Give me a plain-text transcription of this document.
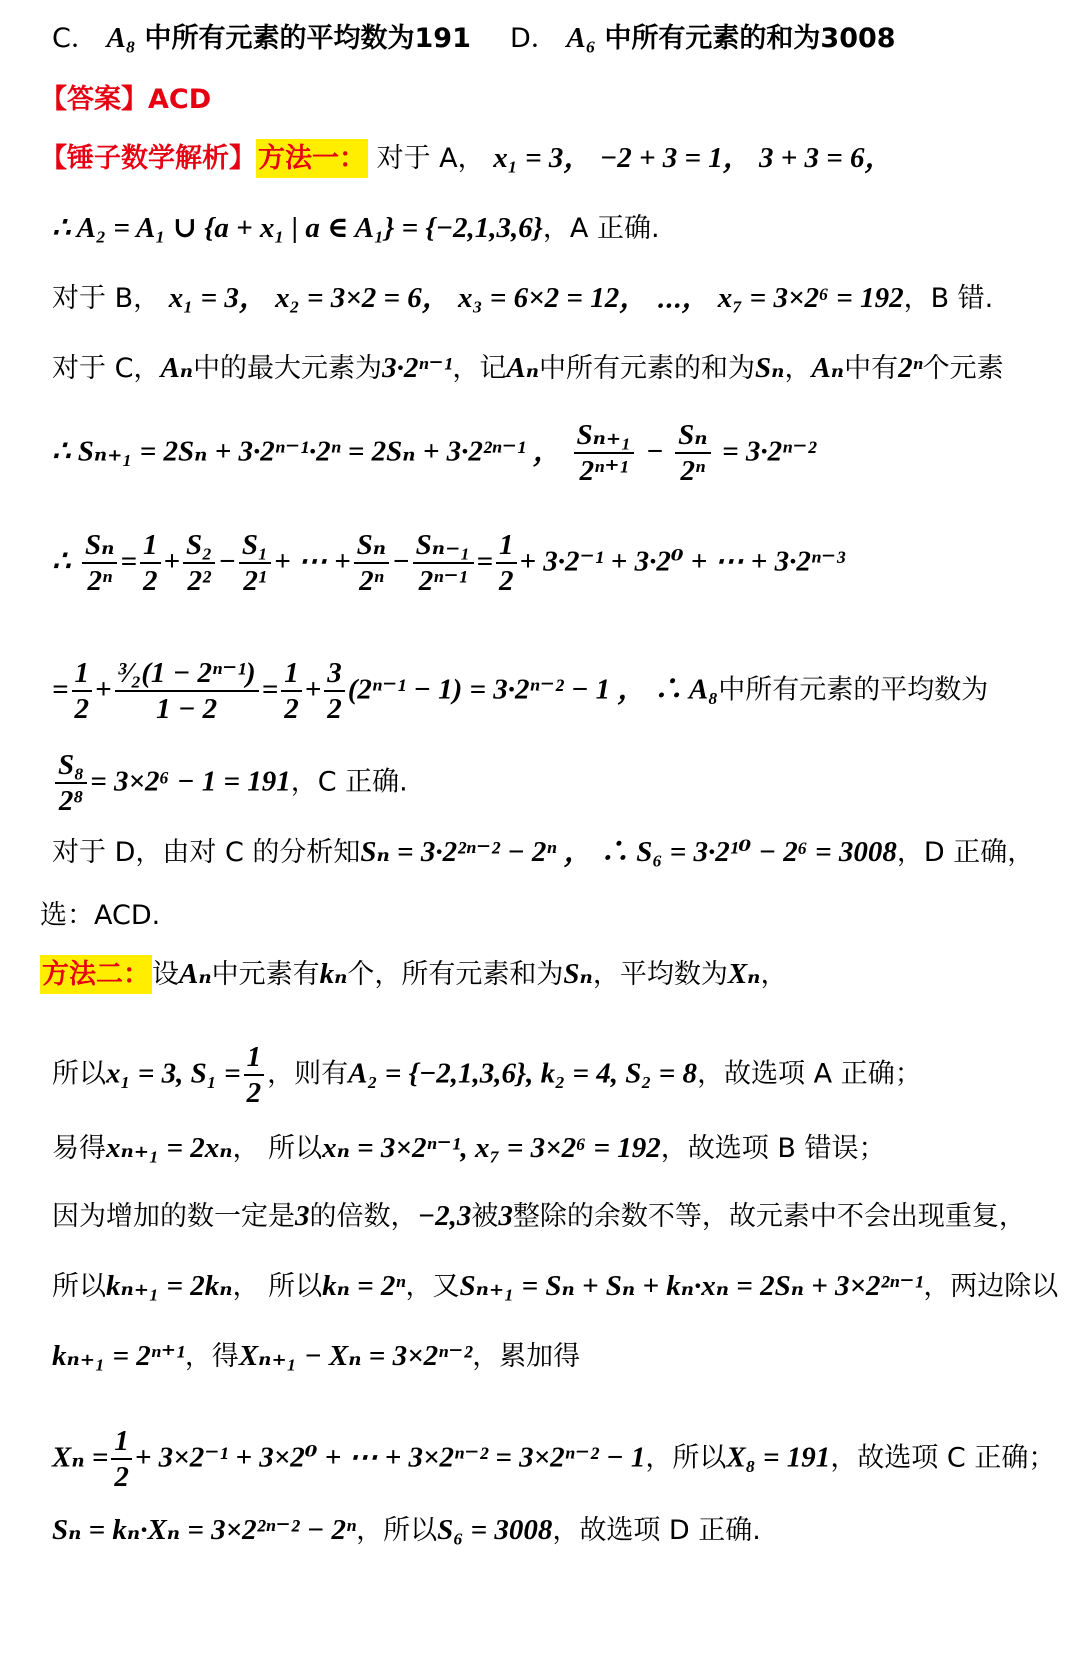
C． A₈ 中所有元素的平均数为191 D． A₆ 中所有元素的和为3008
【答案】ACD
【锤子数学解析】方法一： 对于 A， x₁ = 3， −2 + 3 = 1， 3 + 3 = 6，
∴ A₂ = A₁ ∪ {a + x₁ | a ∈ A₁} = {−2,1,3,6}，A 正确.
对于 B， x₁ = 3， x₂ = 3×2 = 6， x₃ = 6×2 = 12， ⋯， x₇ = 3×2⁶ = 192，B 错.
对于 C，Aₙ中的最大元素为3·2ⁿ⁻¹，记Aₙ中所有元素的和为Sₙ，Aₙ中有2ⁿ个元素
∴ Sₙ₊₁ = 2Sₙ + 3·2ⁿ⁻¹·2ⁿ = 2Sₙ + 3·2²ⁿ⁻¹ ， $\frac{\text{Sₙ₊₁}}{\text{2ⁿ⁺¹}} - \frac{\text{Sₙ}}{\text{2ⁿ}} = 3\cdot 2^{n-2}$
∴ $\frac{\text{Sₙ}}{\text{2ⁿ}} = \frac{1}{2} + \frac{\text{S₂}}{\text{2²}} - \frac{\text{S₁}}{\text{2¹}}$ + ⋯ + $\frac{\text{Sₙ}}{\text{2ⁿ}} - \frac{\text{Sₙ₋₁}}{\text{2ⁿ⁻¹}} = \frac{1}{2} + 3\cdot 2^{-1} + 3\cdot 2^0$ + ⋯ + 3·2ⁿ⁻³
= $\frac{1}{2} + \frac{\text{³⁄₂(1 − 2ⁿ⁻¹)}}{1 - 2} = \frac{1}{2} + \frac{3}{2} (2^{n-1} - 1) = 3\cdot 2^{n-2} - 1$ ， ∴ A₈中所有元素的平均数为
$\frac{\text{S₈}}{\text{2⁸}} = 3\times 2^6 - 1 = 191$，C 正确.
对于 D，由对 C 的分析知Sₙ = 3·2²ⁿ⁻² − 2ⁿ ， ∴ S₆ = 3·2¹⁰ − 2⁶ = 3008，D 正确，
选：ACD.
方法二：设Aₙ中元素有kₙ个，所有元素和为Sₙ，平均数为Xₙ，
所以x₁ = 3, $S_1 = \frac{1}{2}$ ，则有A₂ = {−2,1,3,6}, k₂ = 4, S₂ = 8，故选项 A 正确；
易得xₙ₊₁ = 2xₙ， 所以xₙ = 3×2ⁿ⁻¹, x₇ = 3×2⁶ = 192，故选项 B 错误；
因为增加的数一定是3的倍数，−2,3被3整除的余数不等，故元素中不会出现重复，
所以kₙ₊₁ = 2kₙ， 所以kₙ = 2ⁿ，又Sₙ₊₁ = Sₙ + Sₙ + kₙ·xₙ = 2Sₙ + 3×2²ⁿ⁻¹，两边除以
kₙ₊₁ = 2ⁿ⁺¹，得Xₙ₊₁ − Xₙ = 3×2ⁿ⁻²，累加得
$X_n = \frac{1}{2} + 3\times 2^{-1} + 3\times 2^0$ + ⋯ + 3×2ⁿ⁻² = 3×2ⁿ⁻² − 1，所以X₈ = 191，故选项 C 正确；
Sₙ = kₙ·Xₙ = 3×2²ⁿ⁻² − 2ⁿ，所以S₆ = 3008，故选项 D 正确.
